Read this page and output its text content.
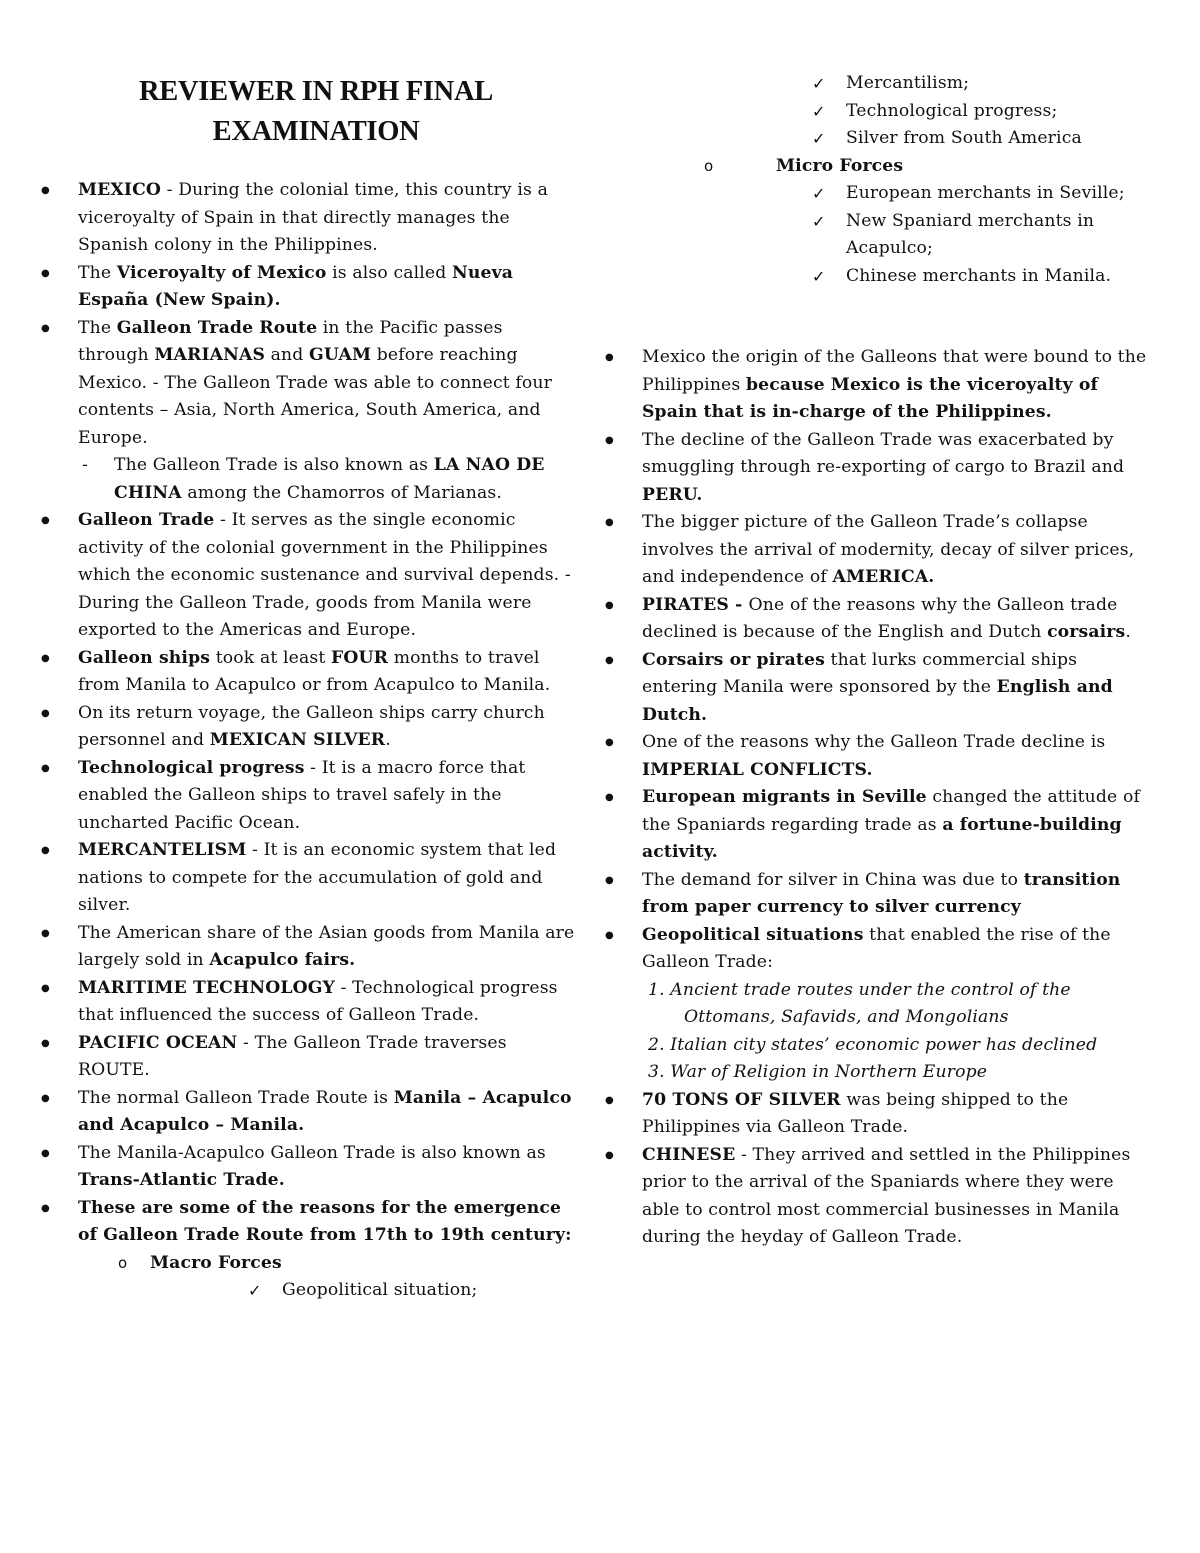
REVIEWER IN RPH FINAL EXAMINATION
● MEXICO - During the colonial time, this country is a viceroyalty of Spain in that directly manages the Spanish colony in the Philippines.
● The Viceroyalty of Mexico is also called Nueva España (New Spain).
● The Galleon Trade Route in the Pacific passes through MARIANAS and GUAM before reaching Mexico. - The Galleon Trade was able to connect four contents – Asia, North America, South America, and Europe.
- The Galleon Trade is also known as LA NAO DE CHINA among the Chamorros of Marianas.
● Galleon Trade - It serves as the single economic activity of the colonial government in the Philippines which the economic sustenance and survival depends. - During the Galleon Trade, goods from Manila were exported to the Americas and Europe.
● Galleon ships took at least FOUR months to travel from Manila to Acapulco or from Acapulco to Manila.
● On its return voyage, the Galleon ships carry church personnel and MEXICAN SILVER.
● Technological progress - It is a macro force that enabled the Galleon ships to travel safely in the uncharted Pacific Ocean.
● MERCANTELISM - It is an economic system that led nations to compete for the accumulation of gold and silver.
● The American share of the Asian goods from Manila are largely sold in Acapulco fairs.
● MARITIME TECHNOLOGY - Technological progress that influenced the success of Galleon Trade.
● PACIFIC OCEAN - The Galleon Trade traverses ROUTE.
● The normal Galleon Trade Route is Manila – Acapulco and Acapulco – Manila.
● The Manila-Acapulco Galleon Trade is also known as Trans-Atlantic Trade.
● These are some of the reasons for the emergence of Galleon Trade Route from 17th to 19th century:
o Macro Forces
✓ Geopolitical situation;
✓ Mercantilism;
✓ Technological progress;
✓ Silver from South America
o Micro Forces
✓ European merchants in Seville;
✓ New Spaniard merchants in Acapulco;
✓ Chinese merchants in Manila.
● Mexico the origin of the Galleons that were bound to the Philippines because Mexico is the viceroyalty of Spain that is in-charge of the Philippines.
● The decline of the Galleon Trade was exacerbated by smuggling through re-exporting of cargo to Brazil and PERU.
● The bigger picture of the Galleon Trade’s collapse involves the arrival of modernity, decay of silver prices, and independence of AMERICA.
● PIRATES - One of the reasons why the Galleon trade declined is because of the English and Dutch corsairs.
● Corsairs or pirates that lurks commercial ships entering Manila were sponsored by the English and Dutch.
● One of the reasons why the Galleon Trade decline is IMPERIAL CONFLICTS.
● European migrants in Seville changed the attitude of the Spaniards regarding trade as a fortune-building activity.
● The demand for silver in China was due to transition from paper currency to silver currency
● Geopolitical situations that enabled the rise of the Galleon Trade:
1. Ancient trade routes under the control of the Ottomans, Safavids, and Mongolians
2. Italian city states’ economic power has declined
3. War of Religion in Northern Europe
● 70 TONS OF SILVER was being shipped to the Philippines via Galleon Trade.
● CHINESE - They arrived and settled in the Philippines prior to the arrival of the Spaniards where they were able to control most commercial businesses in Manila during the heyday of Galleon Trade.
